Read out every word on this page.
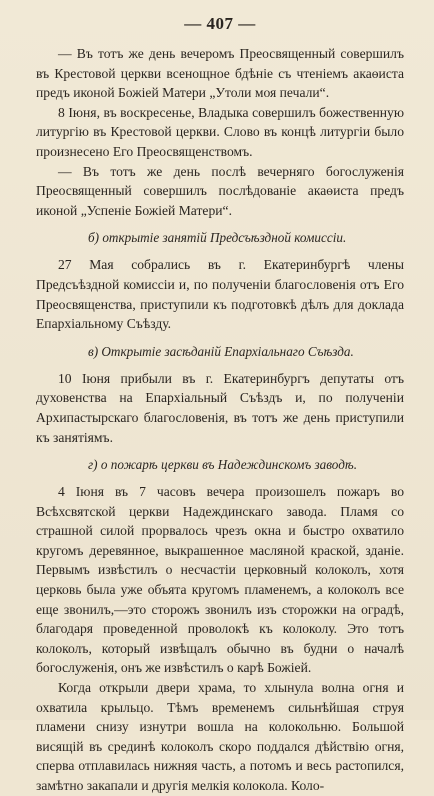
— 407 —

— Въ тотъ же день вечеромъ Преосвященный совершилъ въ Крестовой церкви всенощное бдѣніе съ чтеніемъ акаѳиста предъ иконой Божіей Матери „Утоли моя печали“.

8 Іюня, въ воскресенье, Владыка совершилъ божественную литургію въ Крестовой церкви. Слово въ концѣ литургіи было произнесено Его Преосвященствомъ.

— Въ тотъ же день послѣ вечерняго богослуженія Преосвященный совершилъ послѣдованіе акаѳиста предъ иконой „Успеніе Божіей Матери“.

б) открытіе занятій Предсъѣздной комиссіи.

27 Мая собрались въ г. Екатеринбургѣ члены Предсъѣздной комиссіи и, по полученіи благословенія отъ Его Преосвященства, приступили къ подготовкѣ дѣлъ для доклада Епархіальному Съѣзду.

в) Открытіе засѣданій Епархіальнаго Съѣзда.

10 Іюня прибыли въ г. Екатеринбургъ депутаты отъ духовенства на Епархіальный Съѣздъ и, по полученіи Архипастырскаго благословенія, въ тотъ же день приступили къ занятіямъ.

г) о пожарѣ церкви въ Надеждинскомъ заводѣ.

4 Іюня въ 7 часовъ вечера произошелъ пожаръ во Всѣхсвятской церкви Надеждинскаго завода. Пламя со страшной силой прорвалось чрезъ окна и быстро охватило кругомъ деревянное, выкрашенное масляной краской, зданіе. Первымъ извѣстилъ о несчастіи церковный колоколъ, хотя церковь была уже объята кругомъ пламенемъ, а колоколъ все еще звонилъ,—это сторожъ звонилъ изъ сторожки на оградѣ, благодаря проведенной проволокѣ къ колоколу. Это тотъ колоколъ, который извѣщалъ обычно въ будни о началѣ богослуженія, онъ же извѣстилъ о карѣ Божіей.

Когда открыли двери храма, то хлынула волна огня и охватила крыльцо. Тѣмъ временемъ сильнѣйшая струя пламени снизу изнутри вошла на колокольню. Большой висящій въ срединѣ колоколъ скоро поддался дѣйствію огня, сперва отплавилась нижняя часть, а потомъ и весь растопился, замѣтно закапали и другія мелкія колокола. Коло-
